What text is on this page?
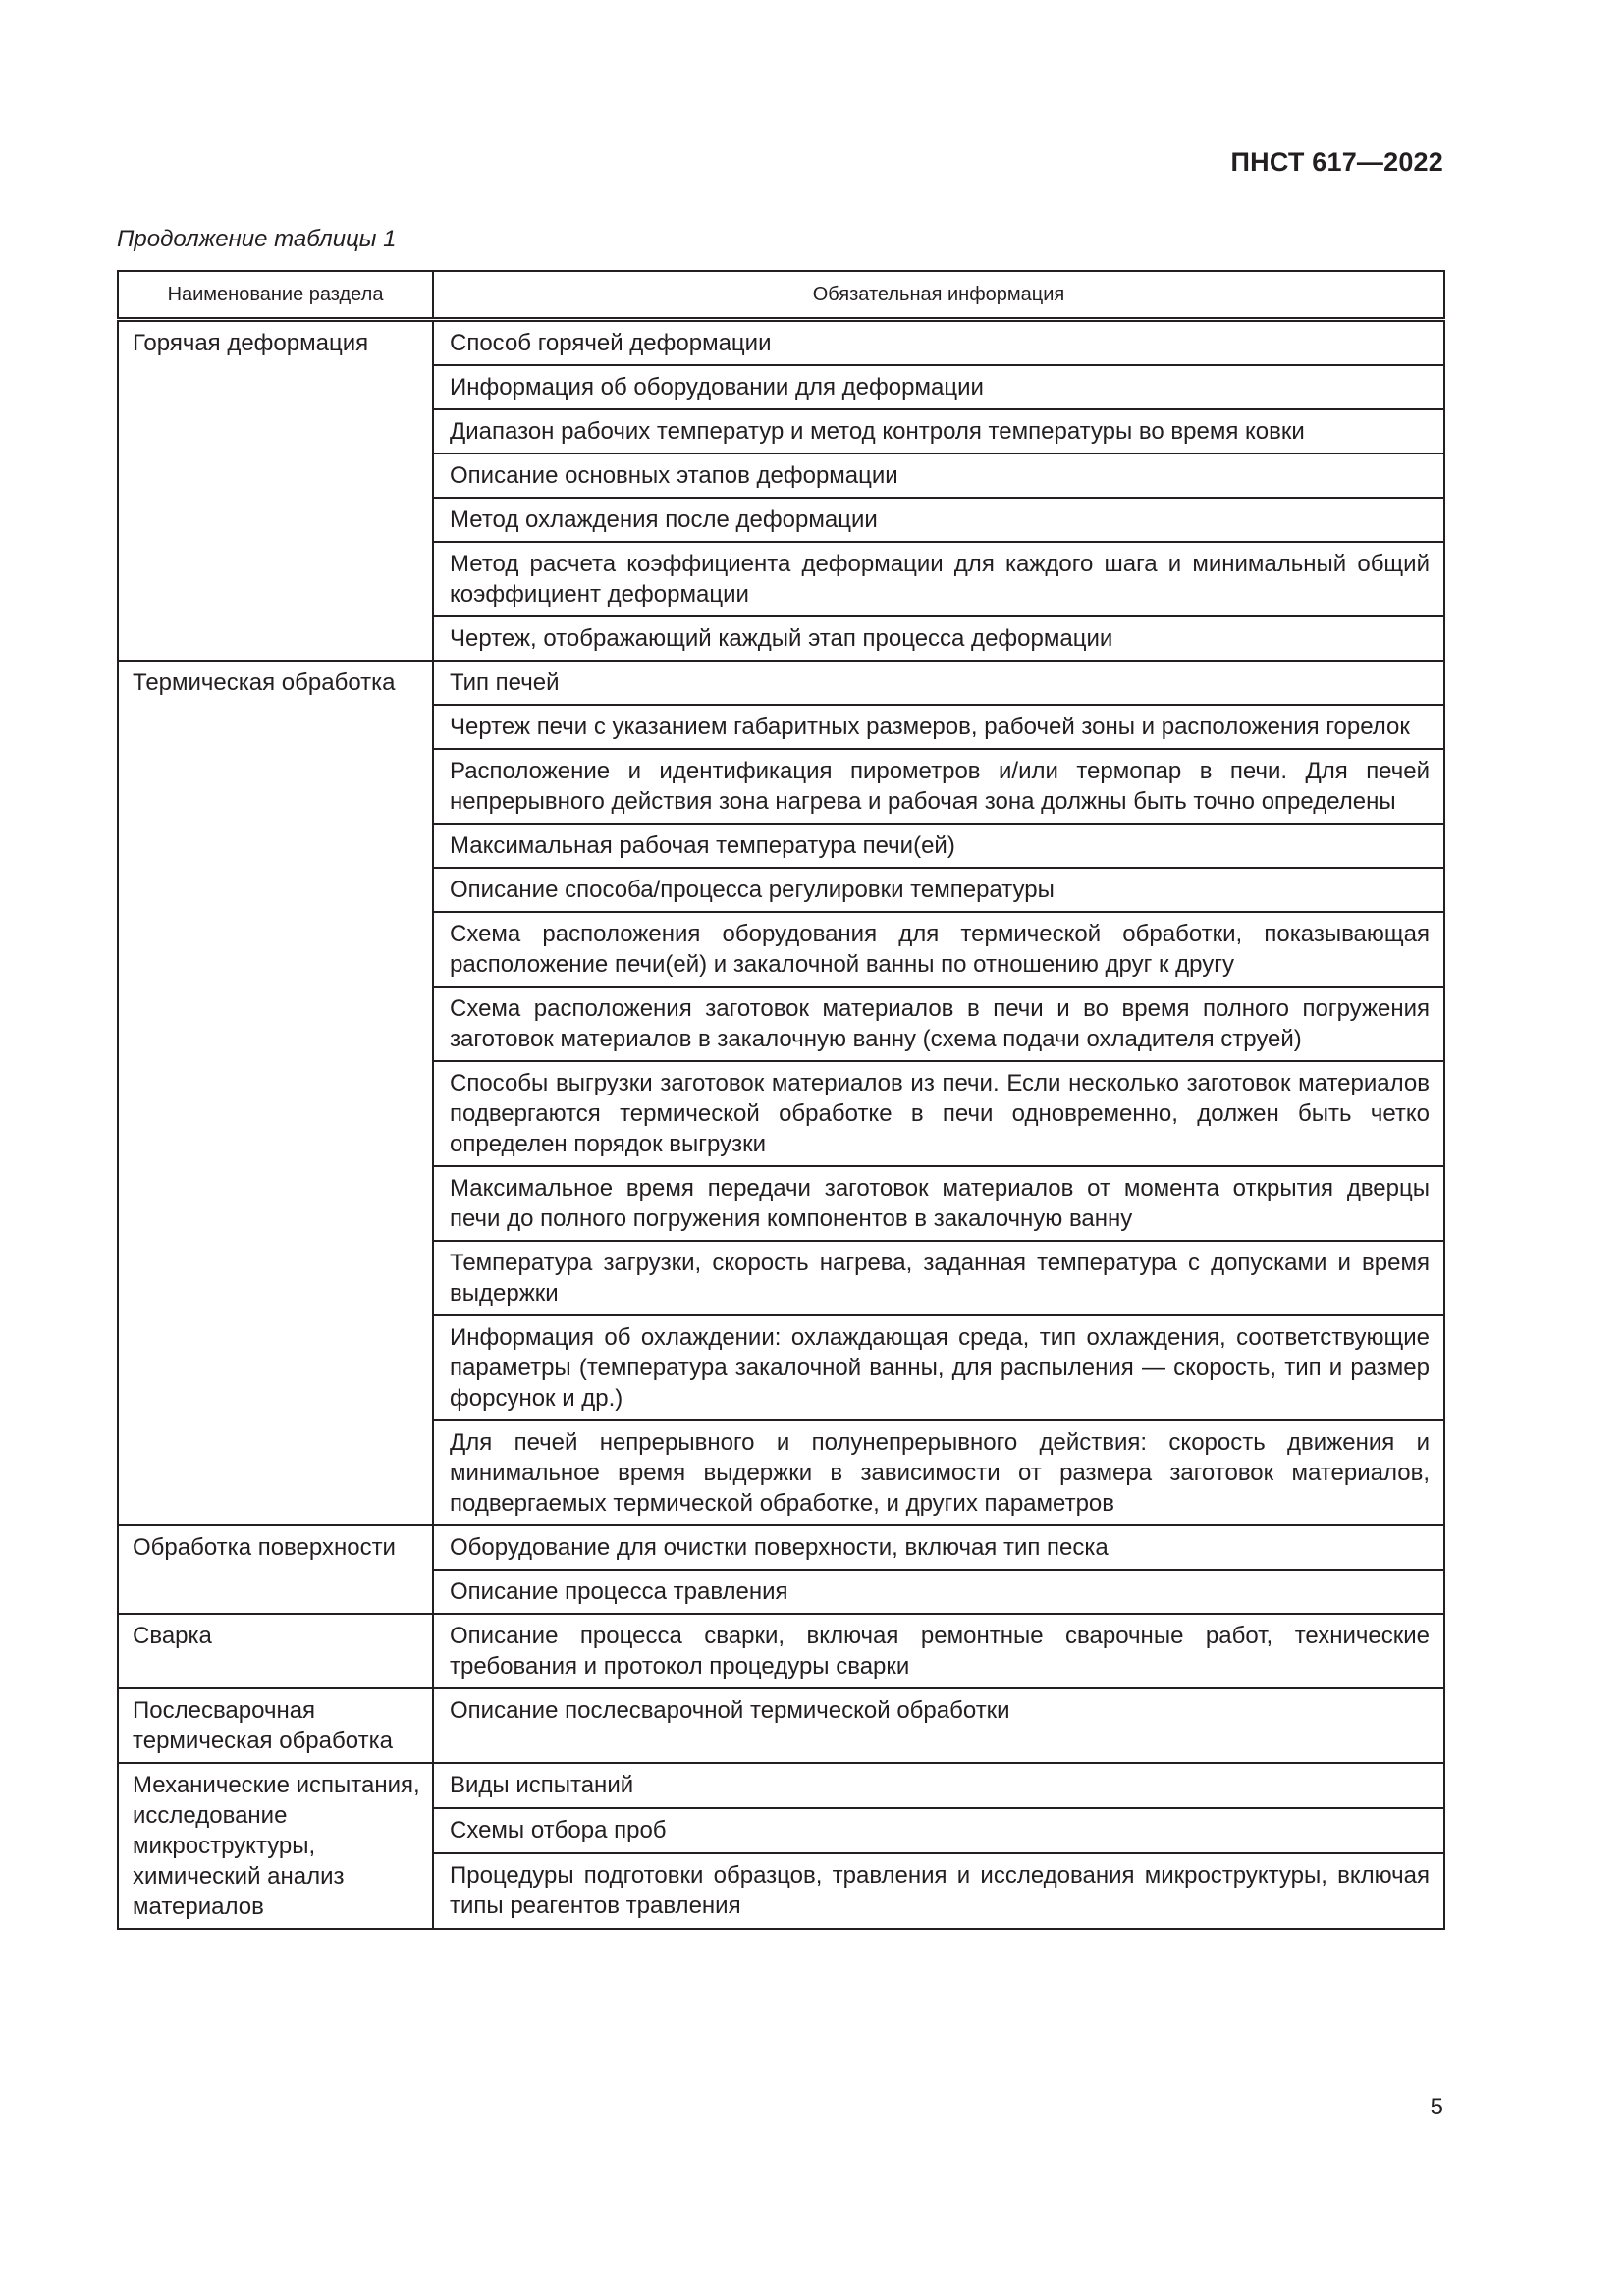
ПНСТ 617—2022
Продолжение таблицы 1
Наименование раздела	Обязательная информация
Горячая деформация	Способ горячей деформации
	Информация об оборудовании для деформации
	Диапазон рабочих температур и метод контроля температуры во время ковки
	Описание основных этапов деформации
	Метод охлаждения после деформации
	Метод расчета коэффициента деформации для каждого шага и минимальный общий коэффициент деформации
	Чертеж, отображающий каждый этап процесса деформации
Термическая обработка	Тип печей
	Чертеж печи с указанием габаритных размеров, рабочей зоны и расположения горелок
	Расположение и идентификация пирометров и/или термопар в печи. Для печей непрерывного действия зона нагрева и рабочая зона должны быть точно определены
	Максимальная рабочая температура печи(ей)
	Описание способа/процесса регулировки температуры
	Схема расположения оборудования для термической обработки, показывающая расположение печи(ей) и закалочной ванны по отношению друг к другу
	Схема расположения заготовок материалов в печи и во время полного погружения заготовок материалов в закалочную ванну (схема подачи охладителя струей)
	Способы выгрузки заготовок материалов из печи. Если несколько заготовок материалов подвергаются термической обработке в печи одновременно, должен быть четко определен порядок выгрузки
	Максимальное время передачи заготовок материалов от момента открытия дверцы печи до полного погружения компонентов в закалочную ванну
	Температура загрузки, скорость нагрева, заданная температура с допусками и время выдержки
	Информация об охлаждении: охлаждающая среда, тип охлаждения, соответствующие параметры (температура закалочной ванны, для распыления — скорость, тип и размер форсунок и др.)
	Для печей непрерывного и полунепрерывного действия: скорость движения и минимальное время выдержки в зависимости от размера заготовок материалов, подвергаемых термической обработке, и других параметров
Обработка поверхности	Оборудование для очистки поверхности, включая тип песка
	Описание процесса травления
Сварка	Описание процесса сварки, включая ремонтные сварочные работ, технические требования и протокол процедуры сварки
Послесварочная термическая обработка	Описание послесварочной термической обработки
Механические испытания, исследование микроструктуры, химический анализ материалов	Виды испытаний
	Схемы отбора проб
	Процедуры подготовки образцов, травления и исследования микроструктуры, включая типы реагентов травления
5
